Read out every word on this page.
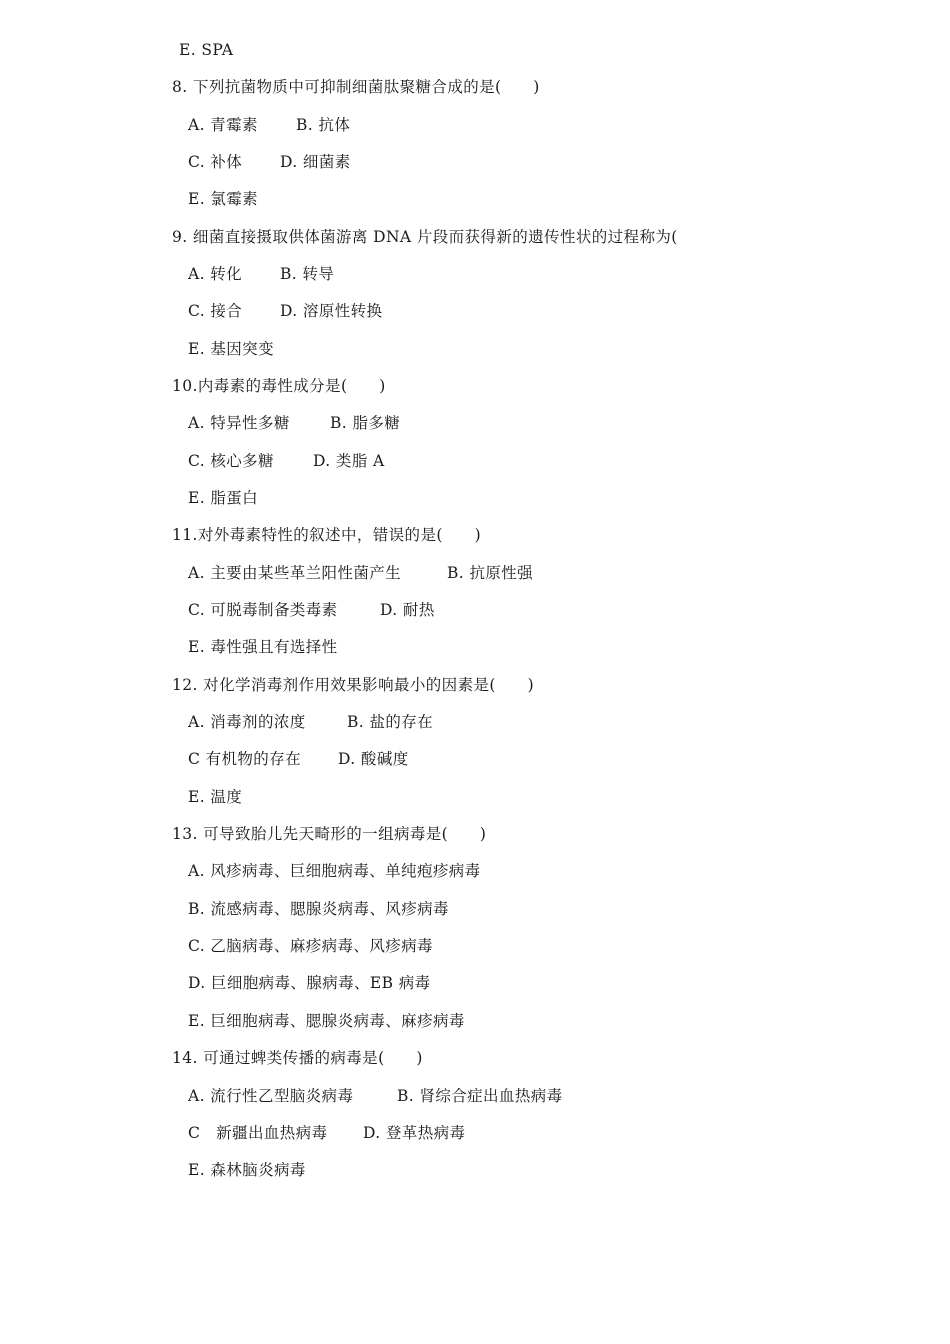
E. SPA
8. 下列抗菌物质中可抑制细菌肽聚糖合成的是(　　)
A. 青霉素 B. 抗体
C. 补体 D. 细菌素
E. 氯霉素
9. 细菌直接摄取供体菌游离 DNA 片段而获得新的遗传性状的过程称为(
A. 转化 B. 转导
C. 接合 D. 溶原性转换
E. 基因突变
10.内毒素的毒性成分是(　　)
A. 特异性多糖	B. 脂多糖
C. 核心多糖	D. 类脂 A
E. 脂蛋白
11.对外毒素特性的叙述中，错误的是(　　)
A. 主要由某些革兰阳性菌产生	B. 抗原性强
C. 可脱毒制备类毒素	D. 耐热
E. 毒性强且有选择性
12. 对化学消毒剂作用效果影响最小的因素是(　　)
A. 消毒剂的浓度	B. 盐的存在
C 有机物的存在 D. 酸碱度
E. 温度
13. 可导致胎儿先天畸形的一组病毒是(　　)
A. 风疹病毒、巨细胞病毒、单纯疱疹病毒
B. 流感病毒、腮腺炎病毒、风疹病毒
C. 乙脑病毒、麻疹病毒、风疹病毒
D. 巨细胞病毒、腺病毒、EB 病毒
E. 巨细胞病毒、腮腺炎病毒、麻疹病毒
14. 可通过蜱类传播的病毒是(　　)
A. 流行性乙型脑炎病毒	B. 肾综合症出血热病毒
C　新疆出血热病毒 D. 登革热病毒
E. 森林脑炎病毒
